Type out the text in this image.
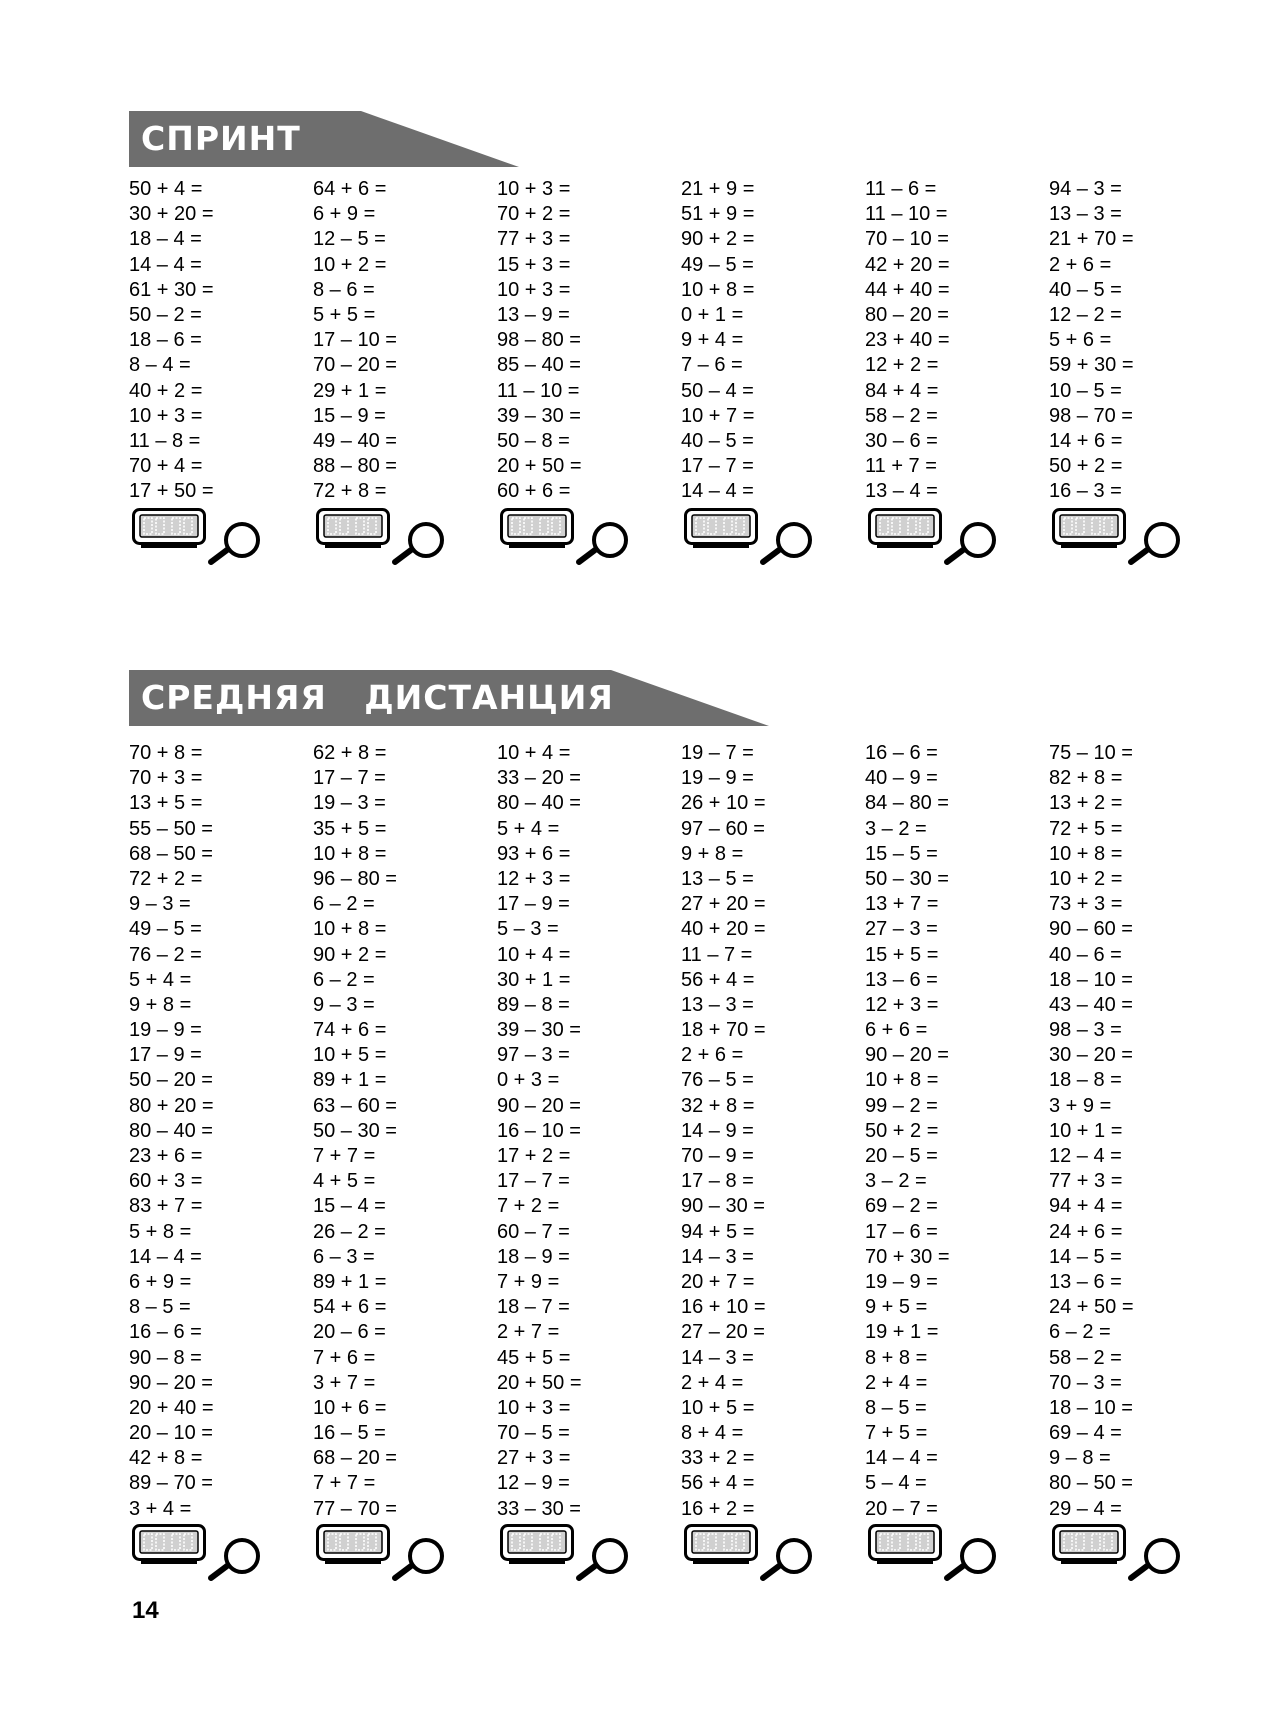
СПРИНТ
50 + 4 =
30 + 20 =
18 – 4 =
14 – 4 =
61 + 30 =
50 – 2 =
18 – 6 =
8 – 4 =
40 + 2 =
10 + 3 =
11 – 8 =
70 + 4 =
17 + 50 =
64 + 6 =
6 + 9 =
12 – 5 =
10 + 2 =
8 – 6 =
5 + 5 =
17 – 10 =
70 – 20 =
29 + 1 =
15 – 9 =
49 – 40 =
88 – 80 =
72 + 8 =
10 + 3 =
70 + 2 =
77 + 3 =
15 + 3 =
10 + 3 =
13 – 9 =
98 – 80 =
85 – 40 =
11 – 10 =
39 – 30 =
50 – 8 =
20 + 50 =
60 + 6 =
21 + 9 =
51 + 9 =
90 + 2 =
49 – 5 =
10 + 8 =
0 + 1 =
9 + 4 =
7 – 6 =
50 – 4 =
10 + 7 =
40 – 5 =
17 – 7 =
14 – 4 =
11 – 6 =
11 – 10 =
70 – 10 =
42 + 20 =
44 + 40 =
80 – 20 =
23 + 40 =
12 + 2 =
84 + 4 =
58 – 2 =
30 – 6 =
11 + 7 =
13 – 4 =
94 – 3 =
13 – 3 =
21 + 70 =
2 + 6 =
40 – 5 =
12 – 2 =
5 + 6 =
59 + 30 =
10 – 5 =
98 – 70 =
14 + 6 =
50 + 2 =
16 – 3 =
СРЕДНЯЯ   ДИСТАНЦИЯ
70 + 8 =
70 + 3 =
13 + 5 =
55 – 50 =
68 – 50 =
72 + 2 =
9 – 3 =
49 – 5 =
76 – 2 =
5 + 4 =
9 + 8 =
19 – 9 =
17 – 9 =
50 – 20 =
80 + 20 =
80 – 40 =
23 + 6 =
60 + 3 =
83 + 7 =
5 + 8 =
14 – 4 =
6 + 9 =
8 – 5 =
16 – 6 =
90 – 8 =
90 – 20 =
20 + 40 =
20 – 10 =
42 + 8 =
89 – 70 =
3 + 4 =
62 + 8 =
17 – 7 =
19 – 3 =
35 + 5 =
10 + 8 =
96 – 80 =
6 – 2 =
10 + 8 =
90 + 2 =
6 – 2 =
9 – 3 =
74 + 6 =
10 + 5 =
89 + 1 =
63 – 60 =
50 – 30 =
7 + 7 =
4 + 5 =
15 – 4 =
26 – 2 =
6 – 3 =
89 + 1 =
54 + 6 =
20 – 6 =
7 + 6 =
3 + 7 =
10 + 6 =
16 – 5 =
68 – 20 =
7 + 7 =
77 – 70 =
10 + 4 =
33 – 20 =
80 – 40 =
5 + 4 =
93 + 6 =
12 + 3 =
17 – 9 =
5 – 3 =
10 + 4 =
30 + 1 =
89 – 8 =
39 – 30 =
97 – 3 =
0 + 3 =
90 – 20 =
16 – 10 =
17 + 2 =
17 – 7 =
7 + 2 =
60 – 7 =
18 – 9 =
7 + 9 =
18 – 7 =
2 + 7 =
45 + 5 =
20 + 50 =
10 + 3 =
70 – 5 =
27 + 3 =
12 – 9 =
33 – 30 =
19 – 7 =
19 – 9 =
26 + 10 =
97 – 60 =
9 + 8 =
13 – 5 =
27 + 20 =
40 + 20 =
11 – 7 =
56 + 4 =
13 – 3 =
18 + 70 =
2 + 6 =
76 – 5 =
32 + 8 =
14 – 9 =
70 – 9 =
17 – 8 =
90 – 30 =
94 + 5 =
14 – 3 =
20 + 7 =
16 + 10 =
27 – 20 =
14 – 3 =
2 + 4 =
10 + 5 =
8 + 4 =
33 + 2 =
56 + 4 =
16 + 2 =
16 – 6 =
40 – 9 =
84 – 80 =
3 – 2 =
15 – 5 =
50 – 30 =
13 + 7 =
27 – 3 =
15 + 5 =
13 – 6 =
12 + 3 =
6 + 6 =
90 – 20 =
10 + 8 =
99 – 2 =
50 + 2 =
20 – 5 =
3 – 2 =
69 – 2 =
17 – 6 =
70 + 30 =
19 – 9 =
9 + 5 =
19 + 1 =
8 + 8 =
2 + 4 =
8 – 5 =
7 + 5 =
14 – 4 =
5 – 4 =
20 – 7 =
75 – 10 =
82 + 8 =
13 + 2 =
72 + 5 =
10 + 8 =
10 + 2 =
73 + 3 =
90 – 60 =
40 – 6 =
18 – 10 =
43 – 40 =
98 – 3 =
30 – 20 =
18 – 8 =
3 + 9 =
10 + 1 =
12 – 4 =
77 + 3 =
94 + 4 =
24 + 6 =
14 – 5 =
13 – 6 =
24 + 50 =
6 – 2 =
58 – 2 =
70 – 3 =
18 – 10 =
69 – 4 =
9 – 8 =
80 – 50 =
29 – 4 =
14
